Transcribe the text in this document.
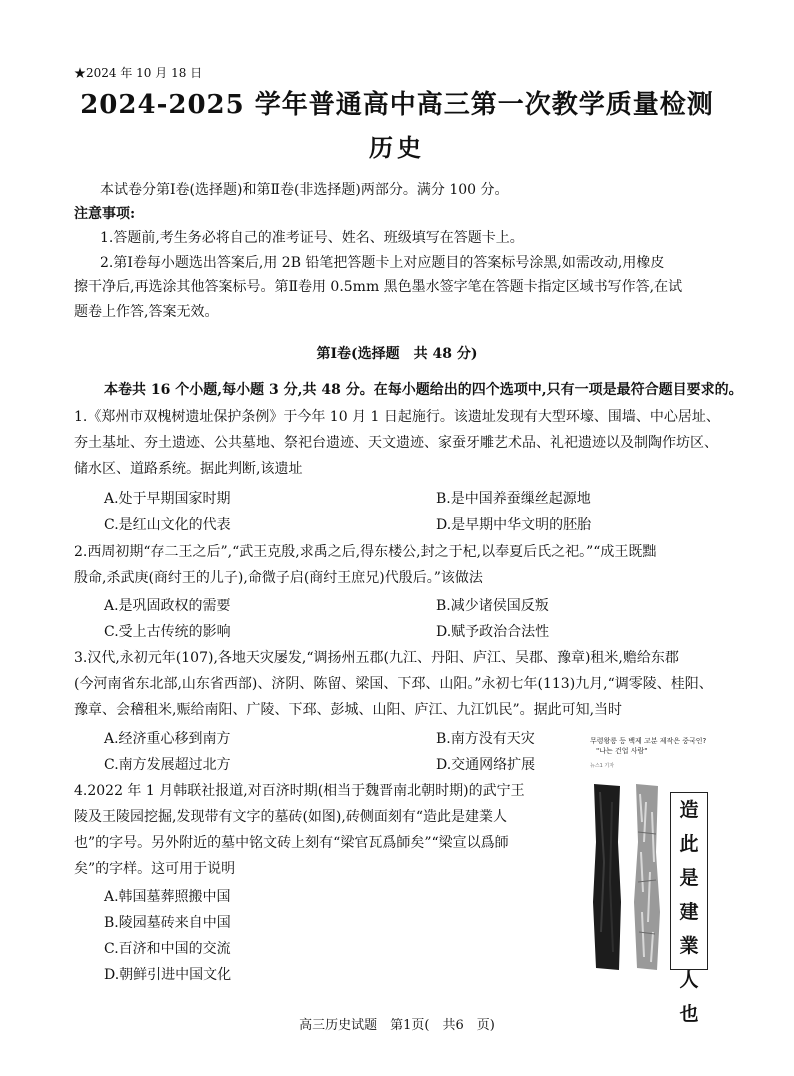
★2024 年 10 月 18 日
2024-2025 学年普通高中高三第一次教学质量检测
历史
本试卷分第Ⅰ卷(选择题)和第Ⅱ卷(非选择题)两部分。满分 100 分。
注意事项:
1.答题前,考生务必将自己的准考证号、姓名、班级填写在答题卡上。
2.第Ⅰ卷每小题选出答案后,用 2B 铅笔把答题卡上对应题目的答案标号涂黑,如需改动,用橡皮
擦干净后,再选涂其他答案标号。第Ⅱ卷用 0.5mm 黑色墨水签字笔在答题卡指定区域书写作答,在试
题卷上作答,答案无效。
第Ⅰ卷(选择题　共 48 分)
本卷共 16 个小题,每小题 3 分,共 48 分。在每小题给出的四个选项中,只有一项是最符合题目要求的。
1.《郑州市双槐树遗址保护条例》于今年 10 月 1 日起施行。该遗址发现有大型环壕、围墙、中心居址、
夯土基址、夯土遗迹、公共墓地、祭祀台遗迹、天文遗迹、家蚕牙雕艺术品、礼祀遗迹以及制陶作坊区、
储水区、道路系统。据此判断,该遗址
A.处于早期国家时期	B.是中国养蚕缫丝起源地
C.是红山文化的代表	D.是早期中华文明的胚胎
2.西周初期“存二王之后”,“武王克殷,求禹之后,得东楼公,封之于杞,以奉夏后氏之祀。”“成王既黜
殷命,杀武庚(商纣王的儿子),命微子启(商纣王庶兄)代殷后。”该做法
A.是巩固政权的需要	B.减少诸侯国反叛
C.受上古传统的影响	D.赋予政治合法性
3.汉代,永初元年(107),各地天灾屡发,“调扬州五郡(九江、丹阳、庐江、吴郡、豫章)租米,赡给东郡
(今河南省东北部,山东省西部)、济阴、陈留、梁国、下邳、山阳。”永初七年(113)九月,“调零陵、桂阳、
豫章、会稽租米,赈给南阳、广陵、下邳、彭城、山阳、庐江、九江饥民”。据此可知,当时
A.经济重心移到南方	B.南方没有天灾
C.南方发展超过北方	D.交通网络扩展
4.2022 年 1 月韩联社报道,对百济时期(相当于魏晋南北朝时期)的武宁王
陵及王陵园挖掘,发现带有文字的墓砖(如图),砖侧面刻有“造此是建業人
也”的字号。另外附近的墓中铭文砖上刻有“梁官瓦爲師矣”“梁宣以爲師
矣”的字样。这可用于说明
A.韩国墓葬照搬中国
B.陵园墓砖来自中国
C.百济和中国的交流
D.朝鲜引进中国文化
무령왕릉 등 백제 고분 제작은 중국인?
"나는 건업 사람"
뉴스1 기자
造
此
是
建
業
人
也
高三历史试题　第1页(　共6　页)
